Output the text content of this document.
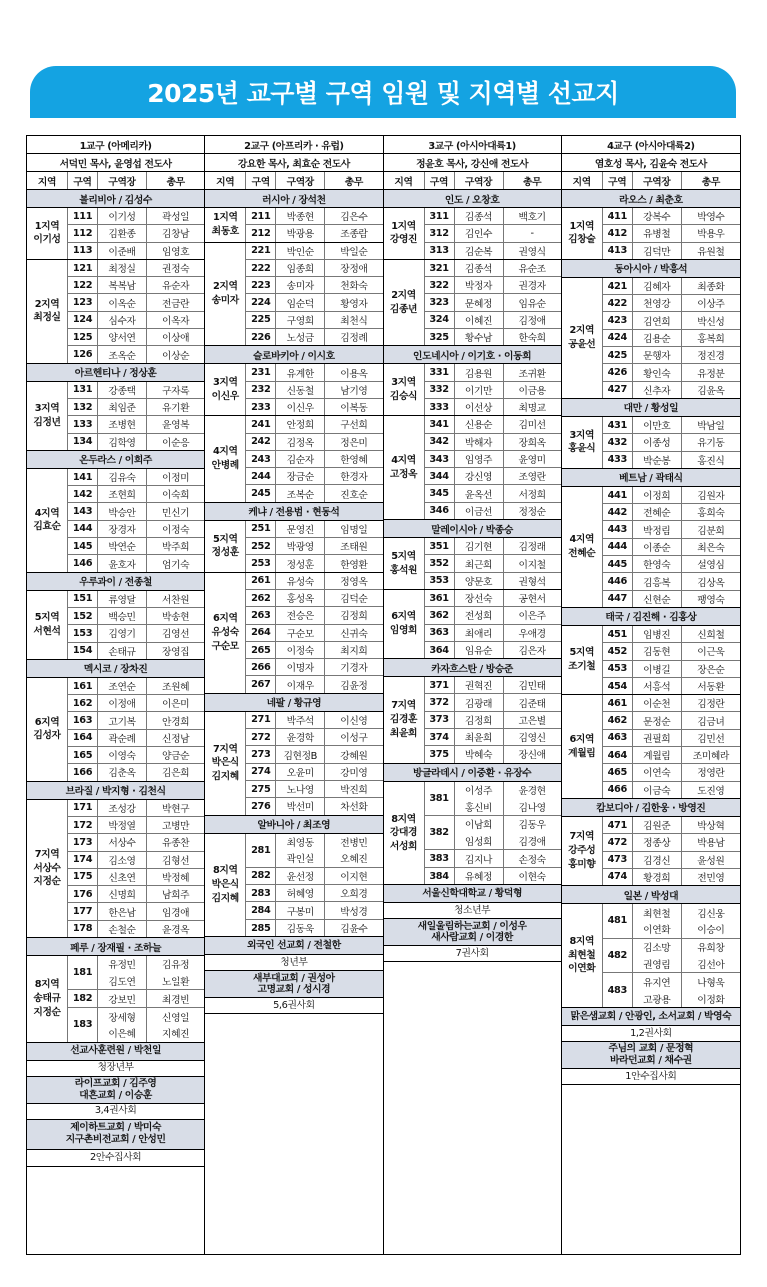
2025년 교구별 구역 임원 및 지역별 선교지
1교구 (아메리카)
서덕민 목사, 윤영섭 전도사
지역	구역	구역장	총무
볼리비아 / 김성수
1지역
이기성
111	이기성	곽성일
112	김환종	김창남
113	이준배	임영호
2지역
최정실
121	최정실	권정숙
122	복복남	유순자
123	이옥순	전금란
124	심수자	이옥자
125	양서연	이상애
126	조옥순	이상순
아르헨티나 / 정상훈
3지역
김정년
131	강종택	구자록
132	최임준	유기환
133	조병현	윤영복
134	김학영	이순응
온두라스 / 이희주
4지역
김효순
141	김유숙	이정미
142	조현희	이숙희
143	박승안	민신기
144	장경자	이정숙
145	박연순	박주희
146	윤호자	엄기숙
우루과이 / 전종철
5지역
서현석
151	류영달	서찬원
152	백승민	박송현
153	김영기	김영선
154	손태규	장영집
멕시코 / 장차진
6지역
김성자
161	조연순	조원혜
162	이정애	이은미
163	고기복	안경희
164	곽순례	신정남
165	이영숙	양금순
166	김춘옥	김은희
브라질 / 박지형 · 김천식
7지역
서상수
지정순
171	조성강	박현구
172	박정열	고병만
173	서상수	유종찬
174	김소영	김형선
175	신초연	박정혜
176	신명희	남희주
177	한은남	임경애
178	손철순	윤경옥
페루 / 장재필 · 조하늘
8지역
송태규
지정순
181
유정민	김유정
김도연	노일환
182	강보민	최경빈
183
장세형	신영일
이은혜	지혜진
선교사훈련원 / 박천일
청장년부
라이프교회 / 김주영
대흔교회 / 이승훈
3,4권사회
제이하트교회 / 박미숙
지구촌비전교회 / 안성민
2안수집사회
2교구 (아프리카 · 유럽)
강요한 목사, 최효순 전도사
지역	구역	구역장	총무
러시아 / 장석천
1지역
최동호
211	박종현	김은수
212	박광용	조종람
2지역
송미자
221	박인순	박일순
222	임종희	장정애
223	송미자	천화숙
224	임순덕	황영자
225	구영희	최천식
226	노성금	김정례
슬로바키아 / 이시호
3지역
이신우
231	유계한	이용옥
232	신동철	남기영
233	이신우	이복동
4지역
안병례
241	안정희	구선희
242	김정옥	정은미
243	김순자	한영혜
244	장금순	한경자
245	조복순	진호순
케냐 / 전용범 · 현동석
5지역
정성훈
251	문영진	임명일
252	박광영	조태원
253	정성훈	한영환
6지역
유성숙
구순모
261	유성숙	정영옥
262	홍성옥	김덕순
263	전승은	김정희
264	구순모	신귀숙
265	이정숙	최지희
266	이명자	기경자
267	이재우	김윤정
네팔 / 황규영
7지역
박은식
김지혜
271	박주석	이신영
272	윤경학	이성구
273	김현정B	강혜원
274	오윤미	강미영
275	노나영	박진희
276	박선미	차선화
알바니아 / 최조영
8지역
박은식
김지혜
281
최영동	전병민
곽인실	오혜진
282	윤선정	이지현
283	허혜영	오희경
284	구봉미	박성경
285	김동욱	김윤수
외국인 선교회 / 전철한
청년부
새부대교회 / 권성아
고명교회 / 성시경
5,6권사회
3교구 (아시아대륙1)
정윤호 목사, 강신애 전도사
지역	구역	구역장	총무
인도 / 오창호
1지역
강영진
311	김종석	백호기
312	김인수	-
313	김순복	권영식
2지역
김종년
321	김종석	유순조
322	박정자	권경자
323	문혜정	임유순
324	이혜진	김정애
325	황수남	한숙희
인도네시아 / 이기호 · 이동희
3지역
김승식
331	김용원	조귀환
332	이기만	이금용
333	이선상	최명교
4지역
고정옥
341	신용순	김미선
342	박해자	장희옥
343	임영주	윤영미
344	강신영	조영란
345	윤옥선	서정희
346	이금선	정정순
말레이시아 / 박종승
5지역
홍석원
351	김기현	김정래
352	최근희	이지철
353	양문호	권형석
6지역
임영희
361	장선숙	공현서
362	전성희	이은주
363	최애리	우애경
364	임유순	김은자
카자흐스탄 / 방승준
7지역
김경훈
최윤희
371	권혁진	김민태
372	김광래	김준태
373	김정희	고은별
374	최윤희	김영신
375	박혜숙	장신애
방글라데시 / 이중환 · 유장수
8지역
강대경
서성희
381
이성주	윤경현
홍신비	김나영
382
이남희	김동우
임성희	김경애
383	김지나	손정숙
384	유혜정	이현숙
서울신학대학교 / 황덕형
청소년부
새일울림하는교회 / 이성우
새사람교회 / 이경한
7권사회
4교구 (아시아대륙2)
염호성 목사, 김윤숙 전도사
지역	구역	구역장	총무
라오스 / 최춘호
1지역
김창술
411	강복수	박영수
412	유병철	박용우
413	김덕만	유원철
동아시아 / 박흥석
2지역
공윤선
421	김혜자	최종화
422	천영강	이상주
423	김연희	박신성
424	김용순	홍복희
425	문행자	정진경
426	황인숙	유정분
427	신추자	김윤옥
대만 / 황성일
3지역
홍윤식
431	이만호	박남일
432	이종성	유기동
433	박순봉	홍진식
베트남 / 곽태식
4지역
전혜순
441	이정희	김원자
442	전혜순	홍희숙
443	박정림	김분희
444	이종순	최은숙
445	한영숙	설영심
446	김흥복	김상옥
447	신현순	팽영숙
태국 / 김진해 · 김홍상
5지역
조기철
451	임병진	신희철
452	김동현	이근욱
453	이병길	장은순
454	서흥석	서동환
6지역
계월림
461	이순천	김정란
462	문정순	김금녀
463	권필희	김민선
464	계월림	조미혜라
465	이연숙	정영란
466	이금숙	도진영
캄보디아 / 김한웅 · 방영진
7지역
강주성
홍미향
471	김원준	박상혁
472	정종상	박용남
473	김경신	윤성원
474	황경희	전민영
일본 / 박성대
8지역
최현철
이연화
481
최현철	김신웅
이연화	이승이
482
김소망	유희창
권영림	김선아
483
유지연	나형욱
고광용	이정화
맑은샘교회 / 안광인, 소서교회 / 박영숙
1,2권사회
주님의 교회 / 문정혁
바라던교회 / 채수권
1안수집사회
